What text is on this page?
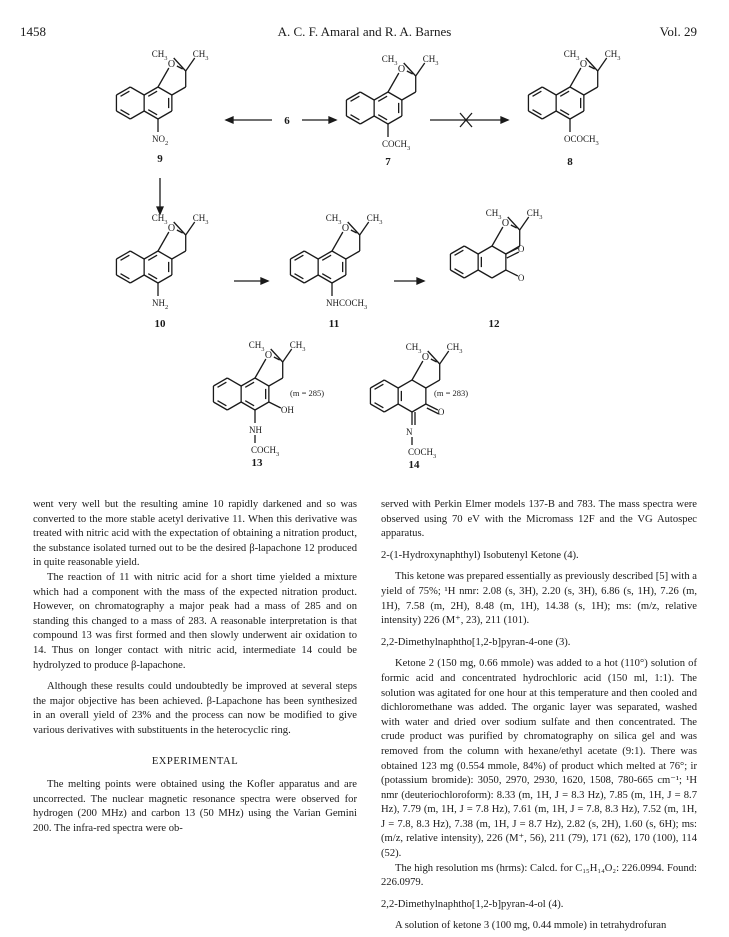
1458	A. C. F. Amaral and R. A. Barnes	Vol. 29
O
$CH_3$	$CH_3$
$NO_2$
O
$CH_3$	$CH_3$
$COCH_3$
O
$CH_3$	$CH_3$
$OCOCH_3$
O
$CH_3$	$CH_3$
$NH_2$
O
$CH_3$	$CH_3$
$NHCOCH_3$
O
$CH_3$	$CH_3$
O
O
O
$CH_3$	$CH_3$
NH
$COCH_3$
OH
O
$CH_3$	$CH_3$
N
$COCH_3$
O
9	7	8
10	11	12
13	14
(m = 285)	(m = 283)
6

went very well but the resulting amine 10 rapidly darkened and so was converted to the more stable acetyl derivative 11. When this derivative was treated with nitric acid with the expectation of obtaining a nitration product, the substance isolated turned out to be the desired β-lapachone 12 produced in quite reasonable yield.

The reaction of 11 with nitric acid for a short time yielded a mixture which had a component with the mass of the expected nitration product. However, on chromatography a major peak had a mass of 285 and on standing this changed to a mass of 283. A reasonable interpretation is that compound 13 was first formed and then slowly underwent air oxidation to 14. Thus on longer contact with nitric acid, intermediate 14 could be hydrolyzed to produce β-lapachone.

Although these results could undoubtedly be improved at several steps the major objective has been achieved. β-Lapachone has been synthesized in an overall yield of 23% and the process can now be modified to give various derivatives with substituents in the heterocyclic ring.

EXPERIMENTAL

The melting points were obtained using the Kofler apparatus and are uncorrected. The nuclear magnetic resonance spectra were observed for hydrogen (200 MHz) and carbon 13 (50 MHz) using the Varian Gemini 200. The infra-red spectra were ob-

served with Perkin Elmer models 137-B and 783. The mass spectra were observed using 70 eV with the Micromass 12F and the VG Autospec apparatus.

2-(1-Hydroxynaphthyl) Isobutenyl Ketone (4).

This ketone was prepared essentially as previously described [5] with a yield of 75%; ¹H nmr: 2.08 (s, 3H), 2.20 (s, 3H), 6.86 (s, 1H), 7.26 (m, 1H), 7.58 (m, 2H), 8.48 (m, 1H), 14.38 (s, 1H); ms: (m/z, relative intensity) 226 (M⁺, 23), 211 (101).

2,2-Dimethylnaphtho[1,2-b]pyran-4-one (3).

Ketone 2 (150 mg, 0.66 mmole) was added to a hot (110°) solution of formic acid and concentrated hydrochloric acid (150 ml, 1:1). The solution was agitated for one hour at this temperature and then cooled and dichloromethane was added. The organic layer was separated, washed with water and dried over sodium sulfate and then concentrated. The crude product was purified by chromatography on silica gel and was removed from the column with hexane/ethyl acetate (9:1). There was obtained 123 mg (0.554 mmole, 84%) of product which melted at 76°; ir (potassium bromide): 3050, 2970, 2930, 1620, 1508, 780-665 cm⁻¹; ¹H nmr (deuteriochloroform): 8.33 (m, 1H, J = 8.3 Hz), 7.85 (m, 1H, J = 8.7 Hz), 7.79 (m, 1H, J = 7.8 Hz), 7.61 (m, 1H, J = 7.8, 8.3 Hz), 7.52 (m, 1H, J = 7.8, 8.3 Hz), 7.38 (m, 1H, J = 8.7 Hz), 2.82 (s, 2H), 1.60 (s, 6H); ms: (m/z, relative intensity), 226 (M⁺, 56), 211 (79), 171 (62), 170 (100), 114 (52).

The high resolution ms (hrms): Calcd. for C₁₅H₁₄O₂: 226.0994. Found: 226.0979.

2,2-Dimethylnaphtho[1,2-b]pyran-4-ol (4).

A solution of ketone 3 (100 mg, 0.44 mmole) in tetrahydrofuran
